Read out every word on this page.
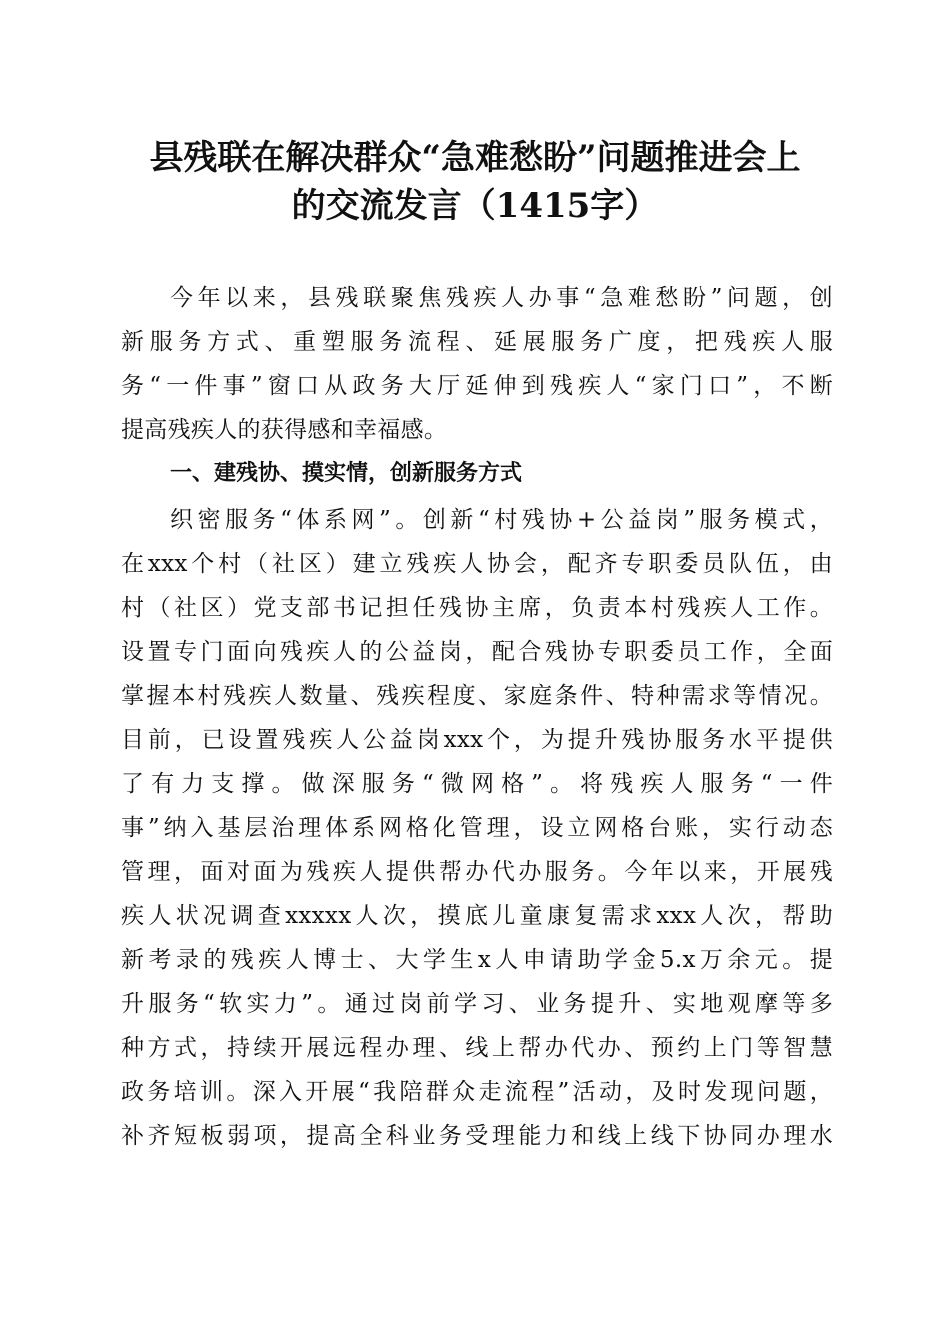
县残联在解决群众“急难愁盼”问题推进会上
的交流发言（1415字）

今年以来，县残联聚焦残疾人办事“急难愁盼”问题，创

新服务方式、重塑服务流程、延展服务广度，把残疾人服

务“一件事”窗口从政务大厅延伸到残疾人“家门口”，不断

提高残疾人的获得感和幸福感。

一、建残协、摸实情，创新服务方式

织密服务“体系网”。创新“村残协+公益岗”服务模式，

在xxx个村（社区）建立残疾人协会，配齐专职委员队伍，由

村（社区）党支部书记担任残协主席，负责本村残疾人工作。

设置专门面向残疾人的公益岗，配合残协专职委员工作，全面

掌握本村残疾人数量、残疾程度、家庭条件、特种需求等情况。

目前，已设置残疾人公益岗xxx个，为提升残协服务水平提供

了有力支撑。做深服务“微网格”。将残疾人服务“一件

事”纳入基层治理体系网格化管理，设立网格台账，实行动态

管理，面对面为残疾人提供帮办代办服务。今年以来，开展残

疾人状况调查xxxxx人次，摸底儿童康复需求xxx人次，帮助

新考录的残疾人博士、大学生x人申请助学金5.x万余元。提

升服务“软实力”。通过岗前学习、业务提升、实地观摩等多

种方式，持续开展远程办理、线上帮办代办、预约上门等智慧

政务培训。深入开展“我陪群众走流程”活动，及时发现问题，

补齐短板弱项，提高全科业务受理能力和线上线下协同办理水
